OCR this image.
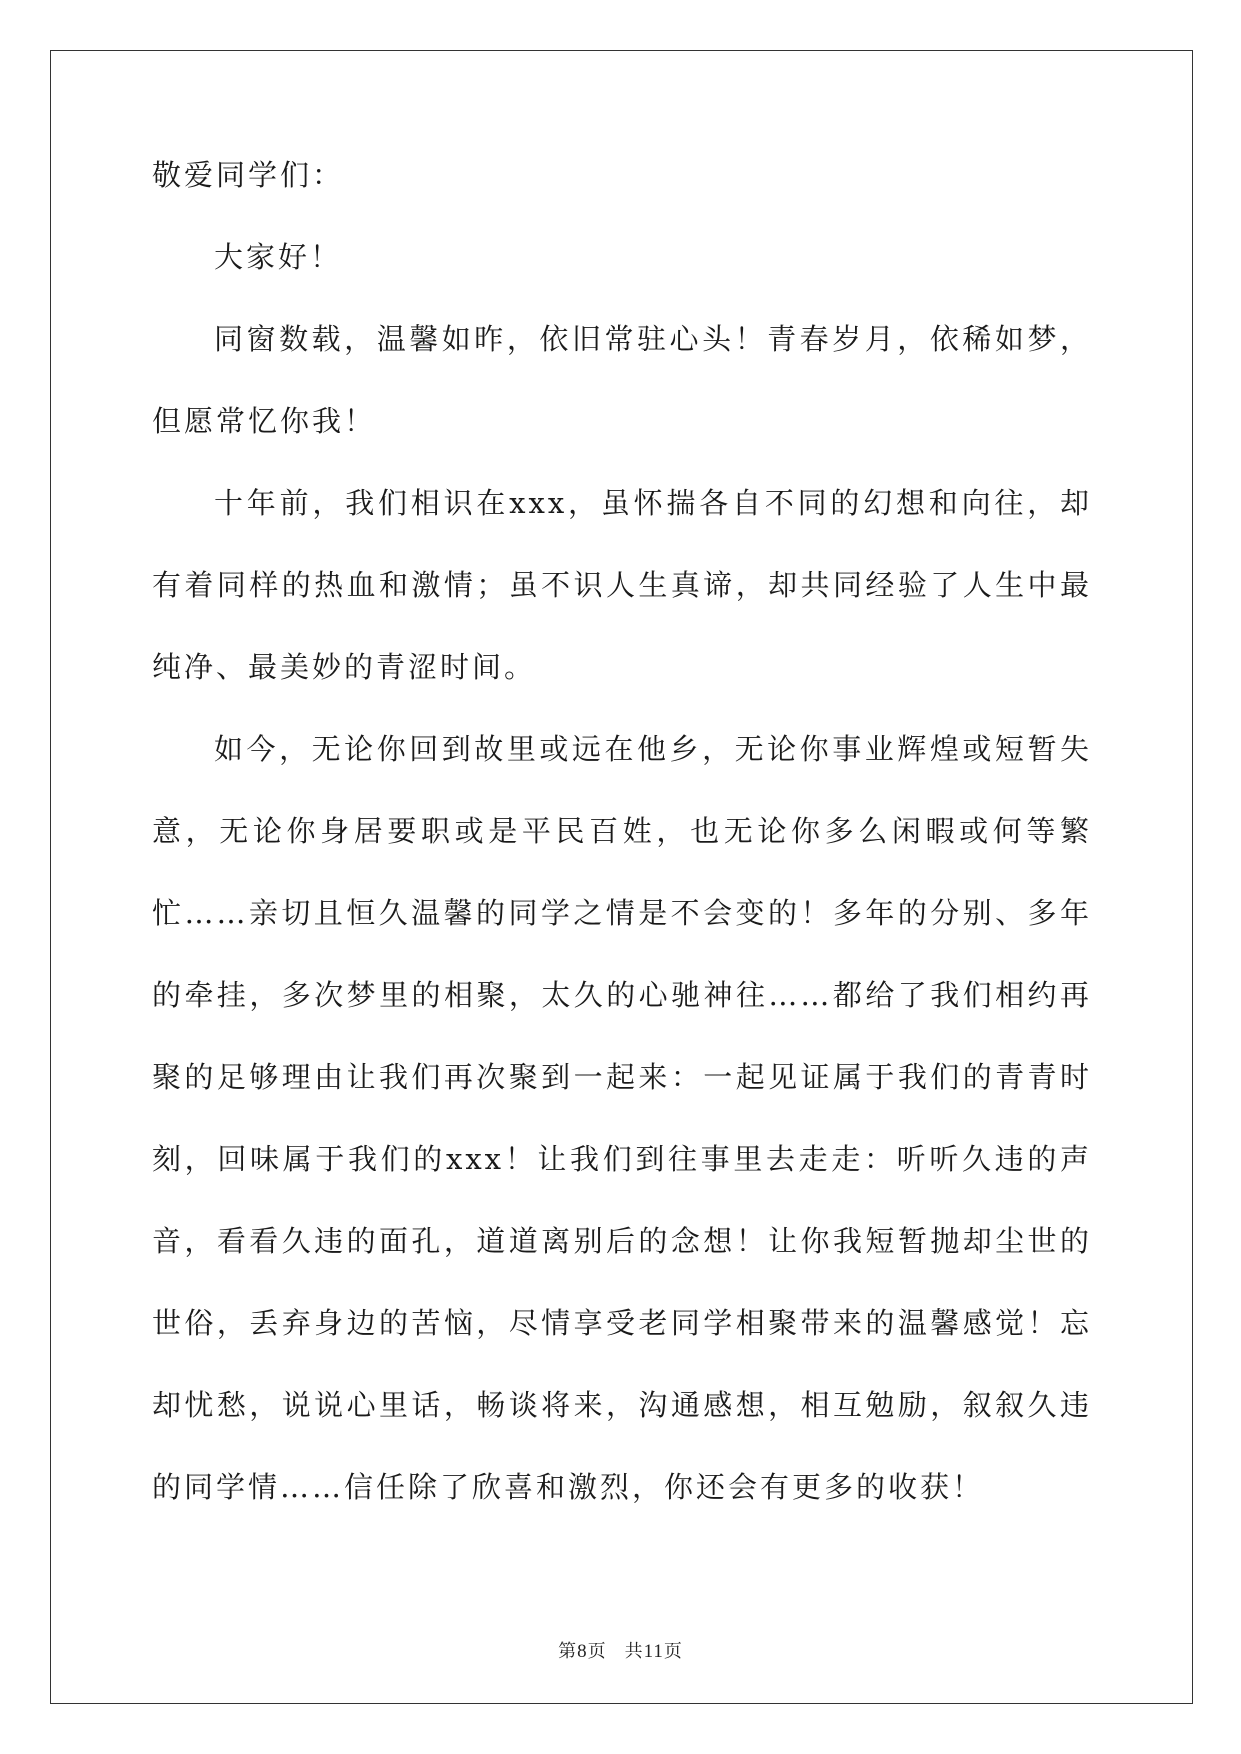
敬爱同学们：

大家好！

同窗数载，温馨如昨，依旧常驻心头！青春岁月，依稀如梦，但愿常忆你我！

十年前，我们相识在xxx，虽怀揣各自不同的幻想和向往，却有着同样的热血和激情；虽不识人生真谛，却共同经验了人生中最纯净、最美妙的青涩时间。

如今，无论你回到故里或远在他乡，无论你事业辉煌或短暂失意，无论你身居要职或是平民百姓，也无论你多么闲暇或何等繁忙……亲切且恒久温馨的同学之情是不会变的！多年的分别、多年的牵挂，多次梦里的相聚，太久的心驰神往……都给了我们相约再聚的足够理由让我们再次聚到一起来：一起见证属于我们的青青时刻，回味属于我们的xxx！让我们到往事里去走走：听听久违的声音，看看久违的面孔，道道离别后的念想！让你我短暂抛却尘世的世俗，丢弃身边的苦恼，尽情享受老同学相聚带来的温馨感觉！忘却忧愁，说说心里话，畅谈将来，沟通感想，相互勉励，叙叙久违的同学情……信任除了欣喜和激烈，你还会有更多的收获！

第8页 共11页
